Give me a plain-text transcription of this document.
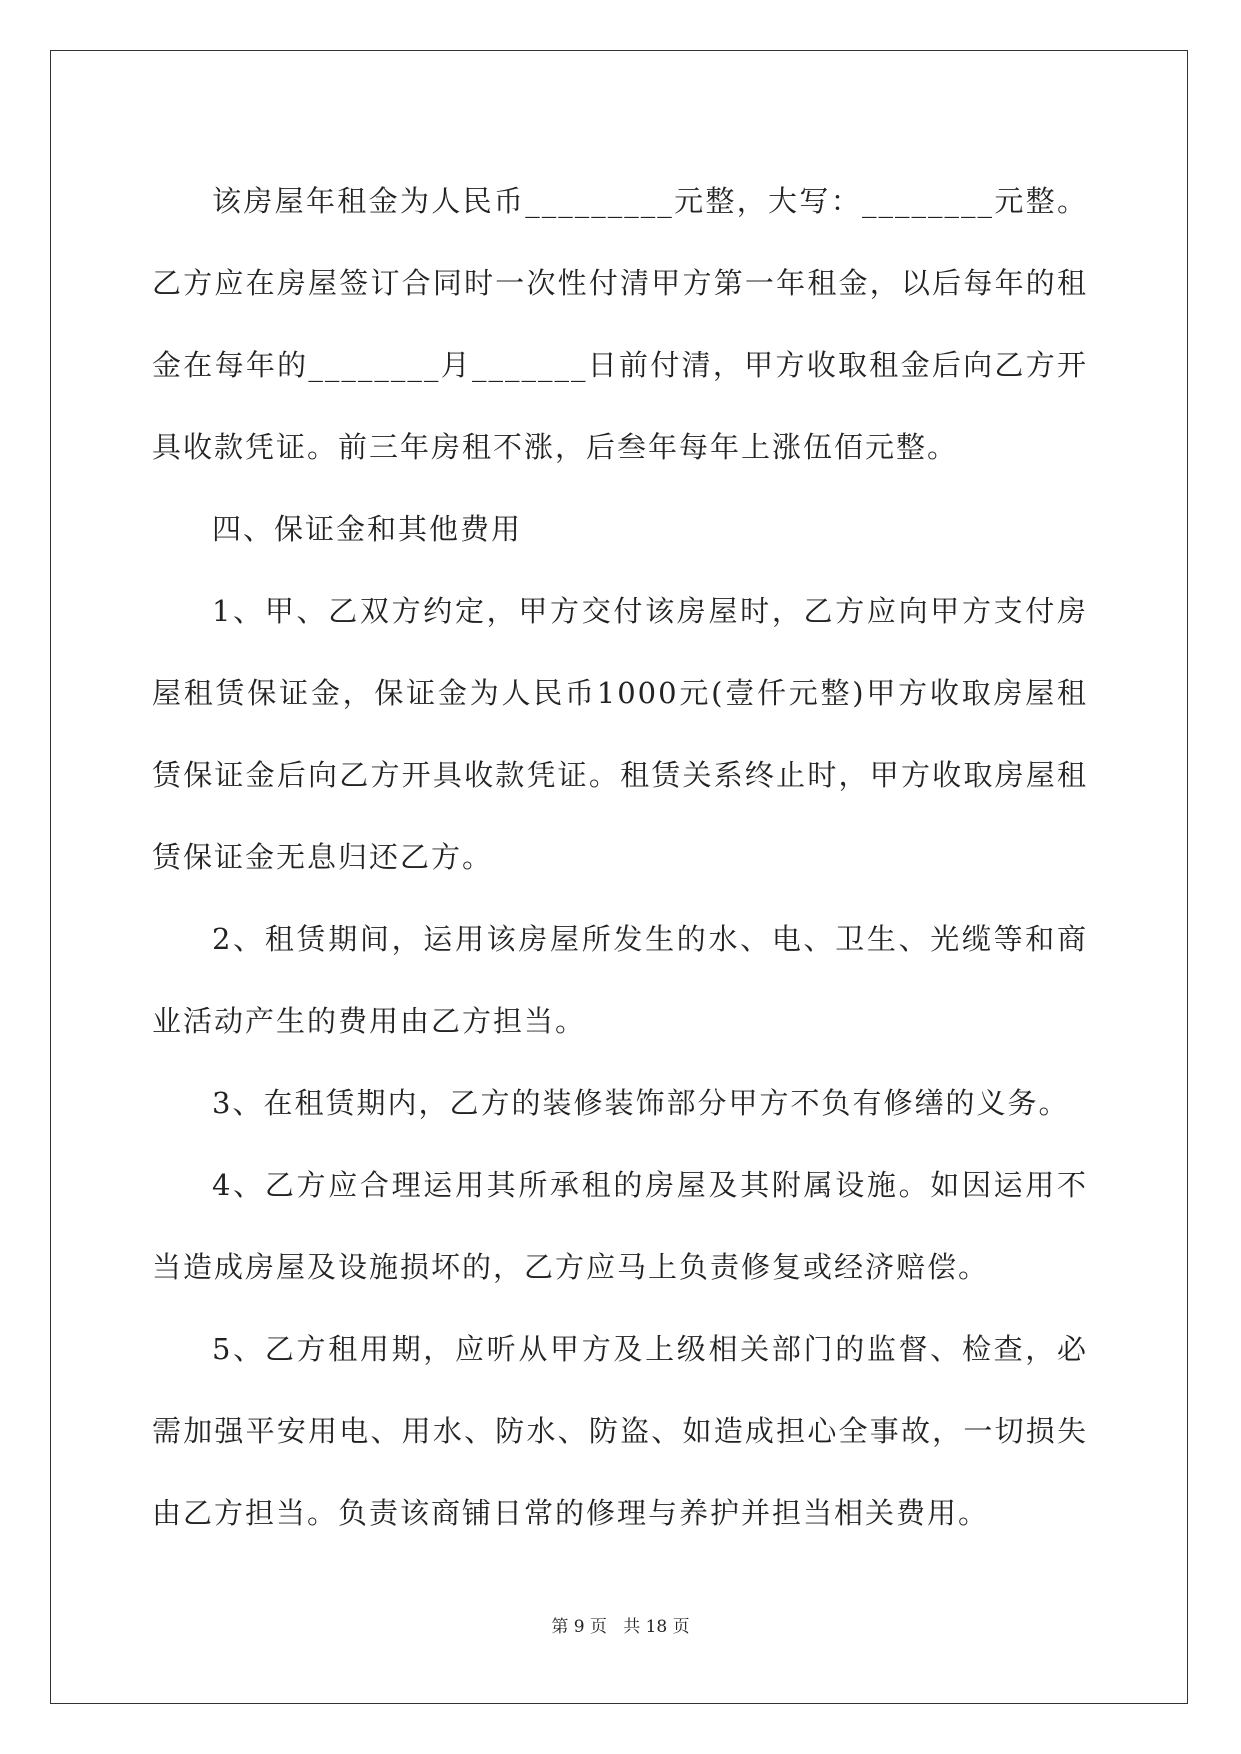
该房屋年租金为人民币_________元整，大写：________元整。乙方应在房屋签订合同时一次性付清甲方第一年租金，以后每年的租金在每年的________月_______日前付清，甲方收取租金后向乙方开具收款凭证。前三年房租不涨，后叁年每年上涨伍佰元整。

四、保证金和其他费用

1、甲、乙双方约定，甲方交付该房屋时，乙方应向甲方支付房屋租赁保证金，保证金为人民币1000元(壹仟元整)甲方收取房屋租赁保证金后向乙方开具收款凭证。租赁关系终止时，甲方收取房屋租赁保证金无息归还乙方。

2、租赁期间，运用该房屋所发生的水、电、卫生、光缆等和商业活动产生的费用由乙方担当。

3、在租赁期内，乙方的装修装饰部分甲方不负有修缮的义务。

4、乙方应合理运用其所承租的房屋及其附属设施。如因运用不当造成房屋及设施损坏的，乙方应马上负责修复或经济赔偿。

5、乙方租用期，应听从甲方及上级相关部门的监督、检查，必需加强平安用电、用水、防水、防盗、如造成担心全事故，一切损失由乙方担当。负责该商铺日常的修理与养护并担当相关费用。

第 9 页 共 18 页
